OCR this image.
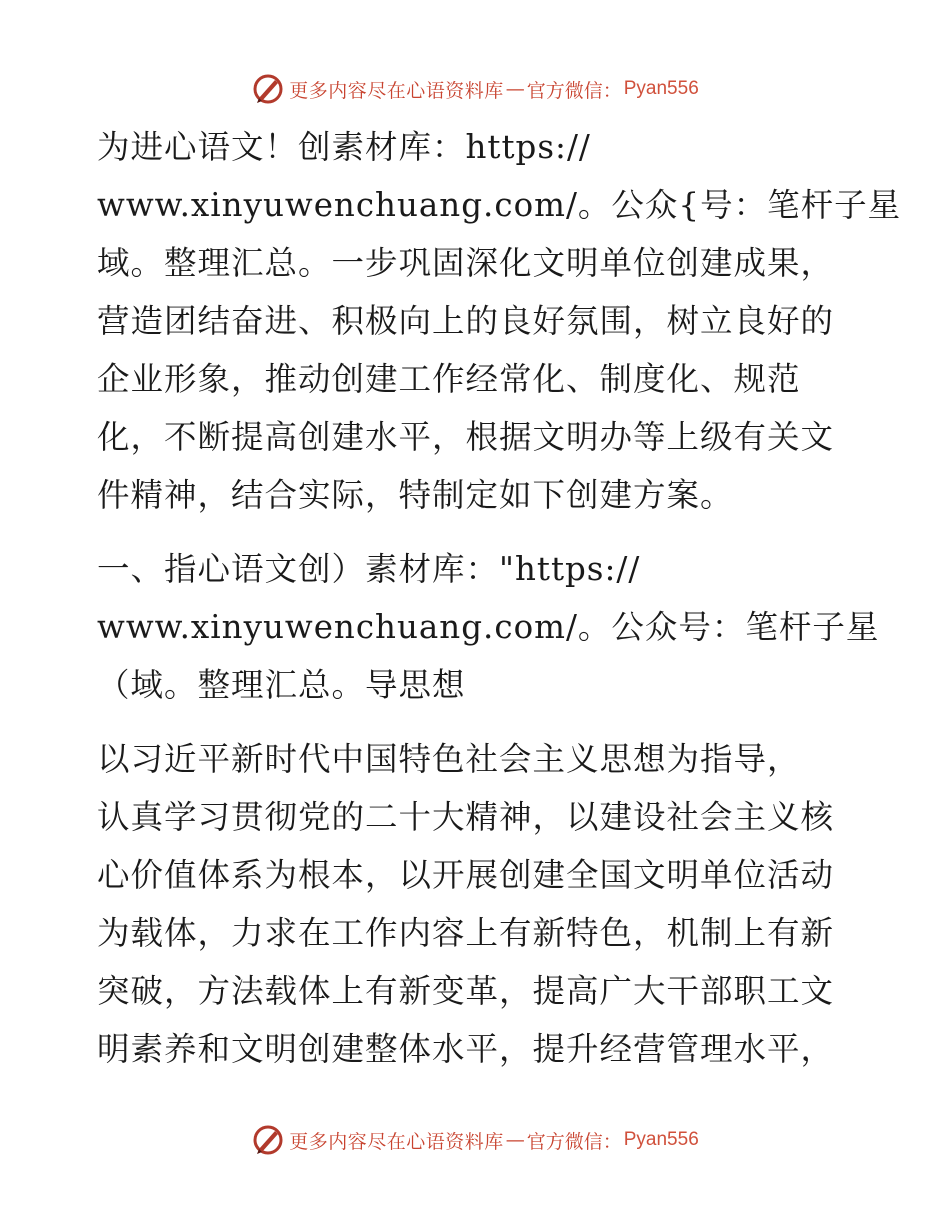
更多内容尽在心语资料库 — 官方微信： Pyan556
为进心语文！创素材库：https://
www.xinyuwenchuang.com/。公众{号：笔杆子星
域。整理汇总。一步巩固深化文明单位创建成果，
营造团结奋进、积极向上的良好氛围，树立良好的
企业形象，推动创建工作经常化、制度化、规范
化，不断提高创建水平，根据文明办等上级有关文
件精神，结合实际，特制定如下创建方案。
一、指心语文创）素材库："https://
www.xinyuwenchuang.com/。公众号：笔杆子星
（域。整理汇总。导思想
以习近平新时代中国特色社会主义思想为指导，
认真学习贯彻党的二十大精神，以建设社会主义核
心价值体系为根本，以开展创建全国文明单位活动
为载体，力求在工作内容上有新特色，机制上有新
突破，方法载体上有新变革，提高广大干部职工文
明素养和文明创建整体水平，提升经营管理水平，
更多内容尽在心语资料库 — 官方微信： Pyan556
